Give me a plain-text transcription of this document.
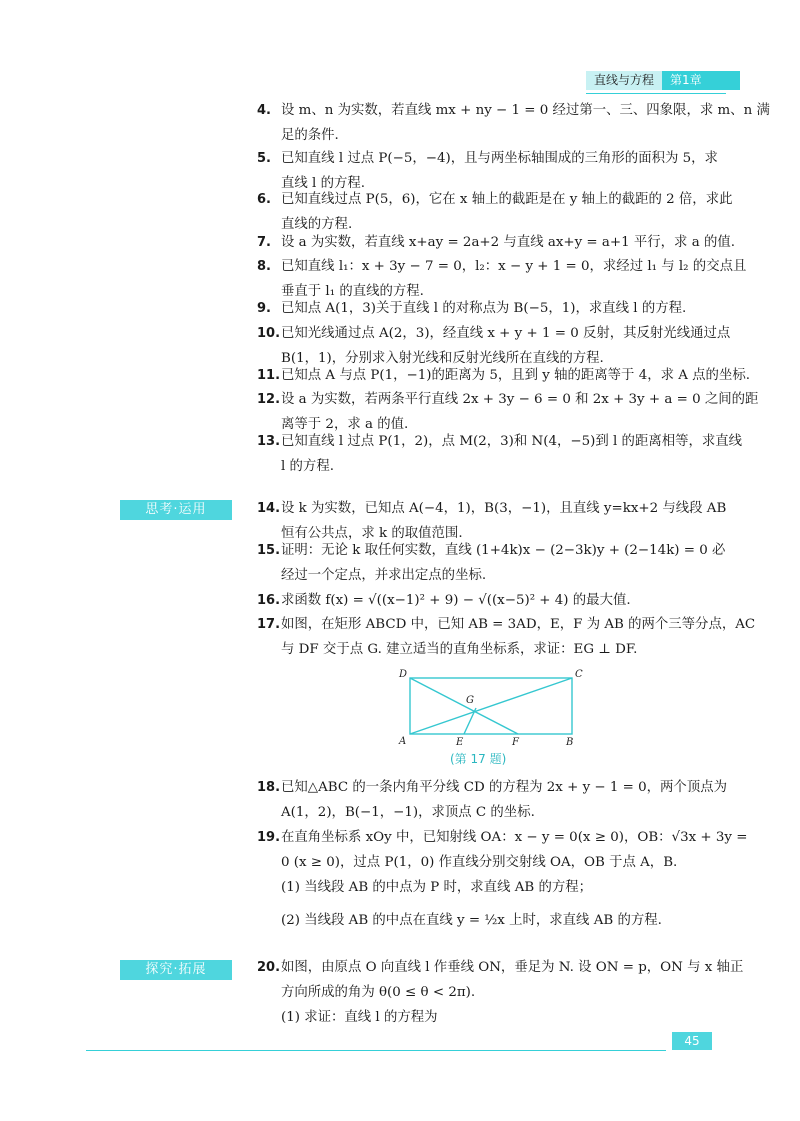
直线与方程	第1章
4. 设 m、n 为实数，若直线 mx + ny − 1 = 0 经过第一、三、四象限，求 m、n 满
足的条件.
5. 已知直线 l 过点 P(−5，−4)，且与两坐标轴围成的三角形的面积为 5，求
直线 l 的方程.
6. 已知直线过点 P(5，6)，它在 x 轴上的截距是在 y 轴上的截距的 2 倍，求此
直线的方程.
7. 设 a 为实数，若直线 x+ay = 2a+2 与直线 ax+y = a+1 平行，求 a 的值.
8. 已知直线 l₁：x + 3y − 7 = 0，l₂：x − y + 1 = 0，求经过 l₁ 与 l₂ 的交点且
垂直于 l₁ 的直线的方程.
9. 已知点 A(1，3)关于直线 l 的对称点为 B(−5，1)，求直线 l 的方程.
10. 已知光线通过点 A(2，3)，经直线 x + y + 1 = 0 反射，其反射光线通过点
B(1，1)，分别求入射光线和反射光线所在直线的方程.
11. 已知点 A 与点 P(1，−1)的距离为 5，且到 y 轴的距离等于 4，求 A 点的坐标.
12. 设 a 为实数，若两条平行直线 2x + 3y − 6 = 0 和 2x + 3y + a = 0 之间的距
离等于 2，求 a 的值.
13. 已知直线 l 过点 P(1，2)，点 M(2，3)和 N(4，−5)到 l 的距离相等，求直线
l 的方程.
思考·运用	14. 设 k 为实数，已知点 A(−4，1)，B(3，−1)，且直线 y=kx+2 与线段 AB
恒有公共点，求 k 的取值范围.
15. 证明：无论 k 取任何实数，直线 (1+4k)x − (2−3k)y + (2−14k) = 0 必
经过一个定点，并求出定点的坐标.
16. 求函数 f(x) = √((x−1)² + 9) − √((x−5)² + 4) 的最大值.
17. 如图，在矩形 ABCD 中，已知 AB = 3AD，E，F 为 AB 的两个三等分点，AC
与 DF 交于点 G. 建立适当的直角坐标系，求证：EG ⊥ DF.
D	C
A	B
E	F
G
(第 17 题)
18. 已知△ABC 的一条内角平分线 CD 的方程为 2x + y − 1 = 0，两个顶点为
A(1，2)，B(−1，−1)，求顶点 C 的坐标.
19. 在直角坐标系 xOy 中，已知射线 OA：x − y = 0(x ≥ 0)，OB：√3x + 3y =
0 (x ≥ 0)，过点 P(1，0) 作直线分别交射线 OA，OB 于点 A，B.
(1) 当线段 AB 的中点为 P 时，求直线 AB 的方程；
(2) 当线段 AB 的中点在直线 y = ½x 上时，求直线 AB 的方程.
探究·拓展	20. 如图，由原点 O 向直线 l 作垂线 ON，垂足为 N. 设 ON = p，ON 与 x 轴正
方向所成的角为 θ(0 ≤ θ < 2π).
(1) 求证：直线 l 的方程为
45
